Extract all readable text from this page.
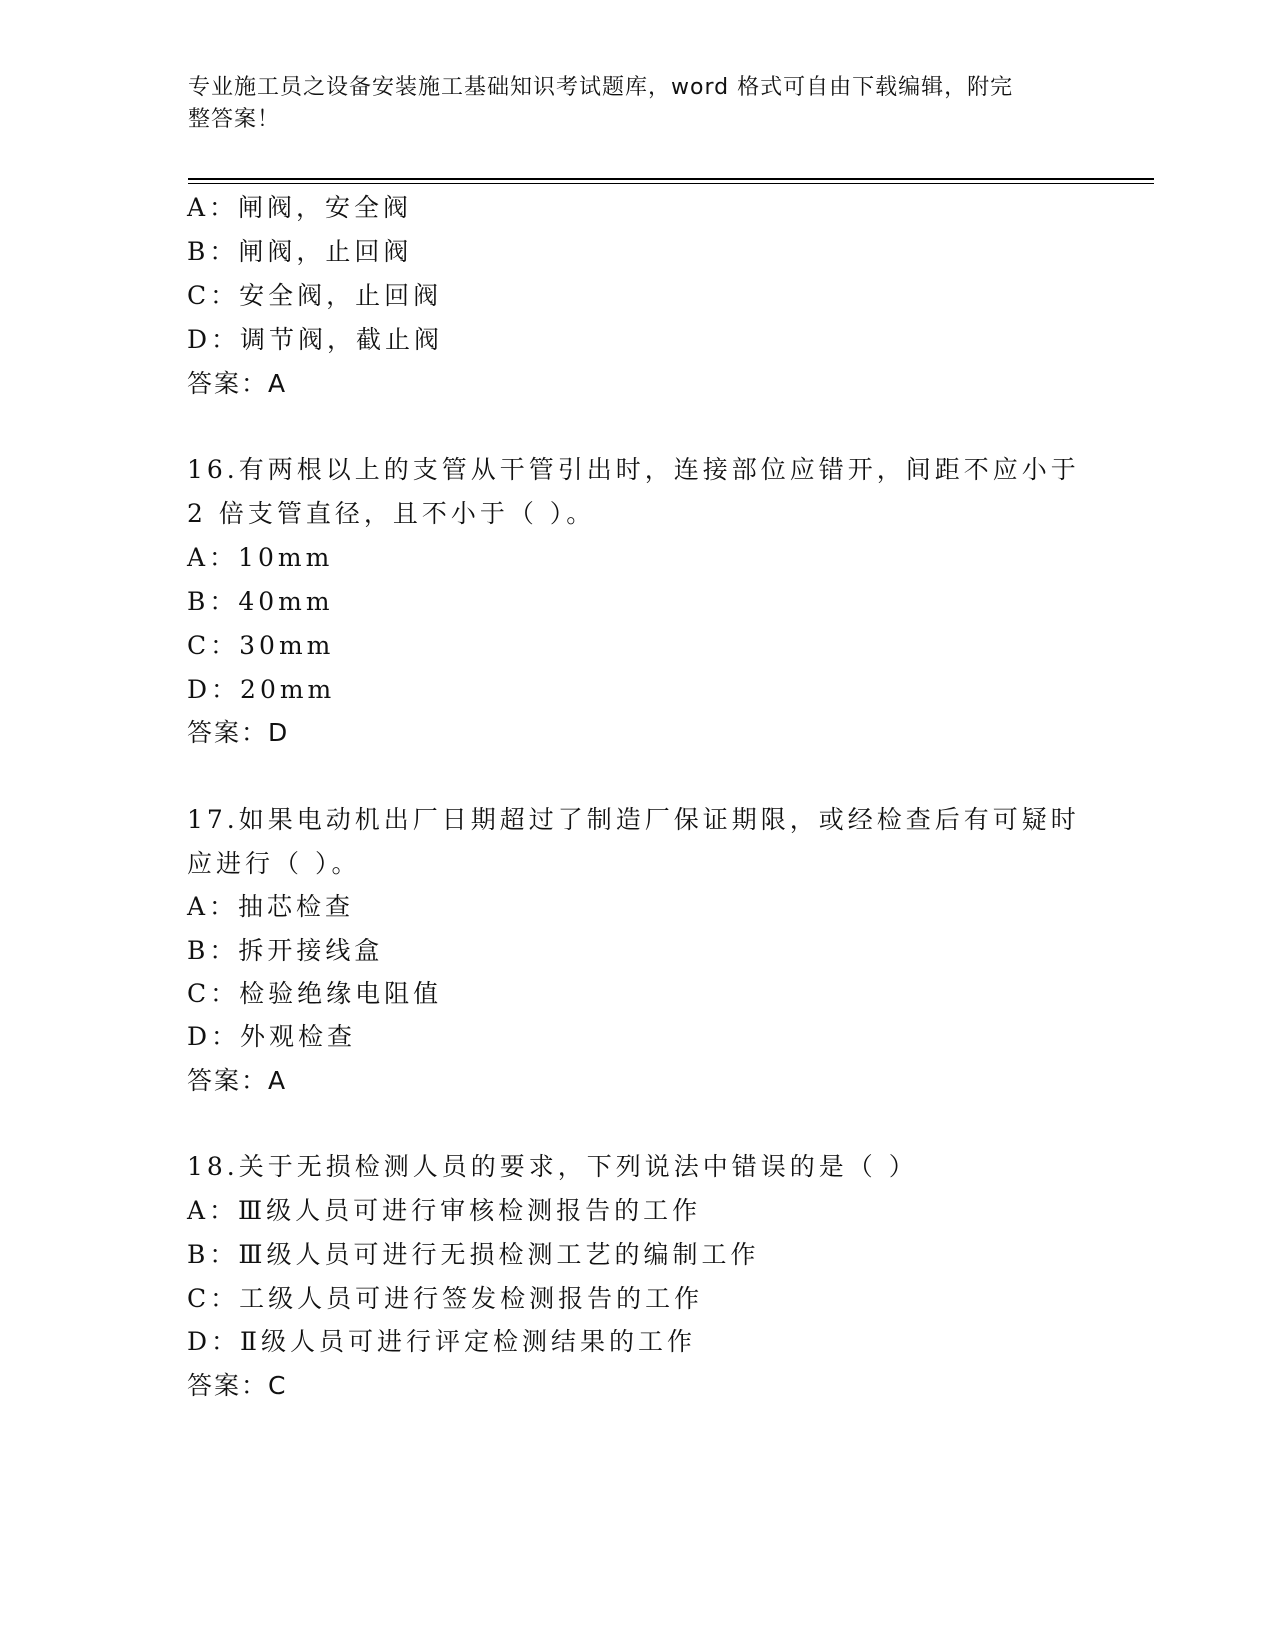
专业施工员之设备安装施工基础知识考试题库，word 格式可自由下载编辑，附完
整答案！
A：闸阀，安全阀
B：闸阀，止回阀
C：安全阀，止回阀
D：调节阀，截止阀
答案：A
16.有两根以上的支管从干管引出时，连接部位应错开，间距不应小于
2 倍支管直径，且不小于（ ）。
A：10mm
B：40mm
C：30mm
D：20mm
答案：D
17.如果电动机出厂日期超过了制造厂保证期限，或经检查后有可疑时
应进行（ ）。
A：抽芯检查
B：拆开接线盒
C：检验绝缘电阻值
D：外观检查
答案：A
18.关于无损检测人员的要求，下列说法中错误的是（ ）
A：Ⅲ级人员可进行审核检测报告的工作
B：Ⅲ级人员可进行无损检测工艺的编制工作
C：工级人员可进行签发检测报告的工作
D：Ⅱ级人员可进行评定检测结果的工作
答案：C
